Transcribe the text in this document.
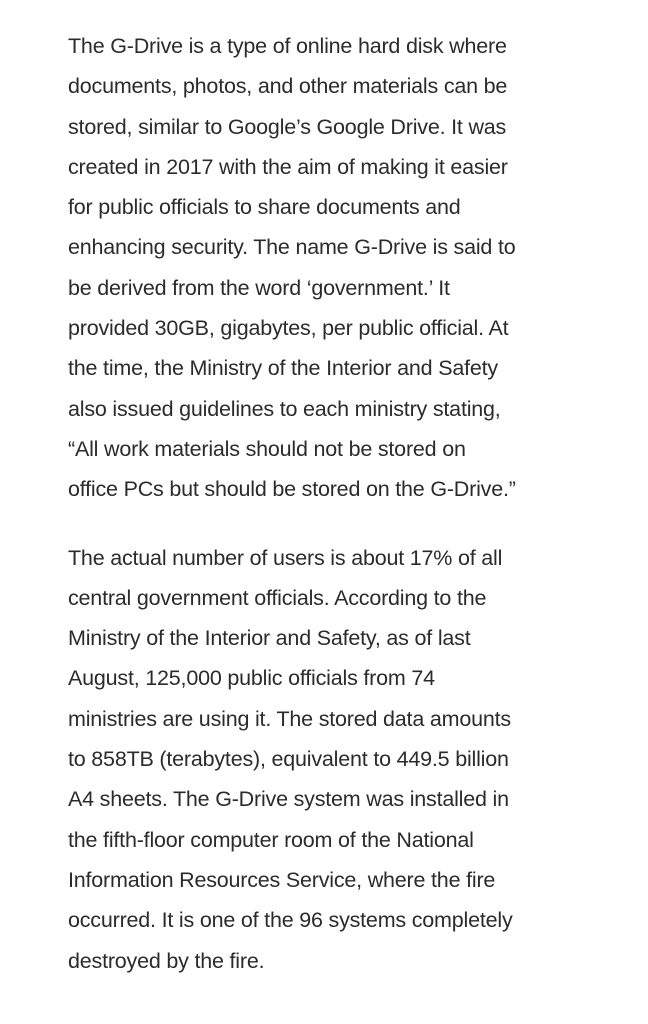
The G-Drive is a type of online hard disk where
documents, photos, and other materials can be
stored, similar to Google’s Google Drive. It was
created in 2017 with the aim of making it easier
for public officials to share documents and
enhancing security. The name G-Drive is said to
be derived from the word ‘government.’ It
provided 30GB, gigabytes, per public official. At
the time, the Ministry of the Interior and Safety
also issued guidelines to each ministry stating,
“All work materials should not be stored on
office PCs but should be stored on the G-Drive.”

The actual number of users is about 17% of all
central government officials. According to the
Ministry of the Interior and Safety, as of last
August, 125,000 public officials from 74
ministries are using it. The stored data amounts
to 858TB (terabytes), equivalent to 449.5 billion
A4 sheets. The G-Drive system was installed in
the fifth-floor computer room of the National
Information Resources Service, where the fire
occurred. It is one of the 96 systems completely
destroyed by the fire.
